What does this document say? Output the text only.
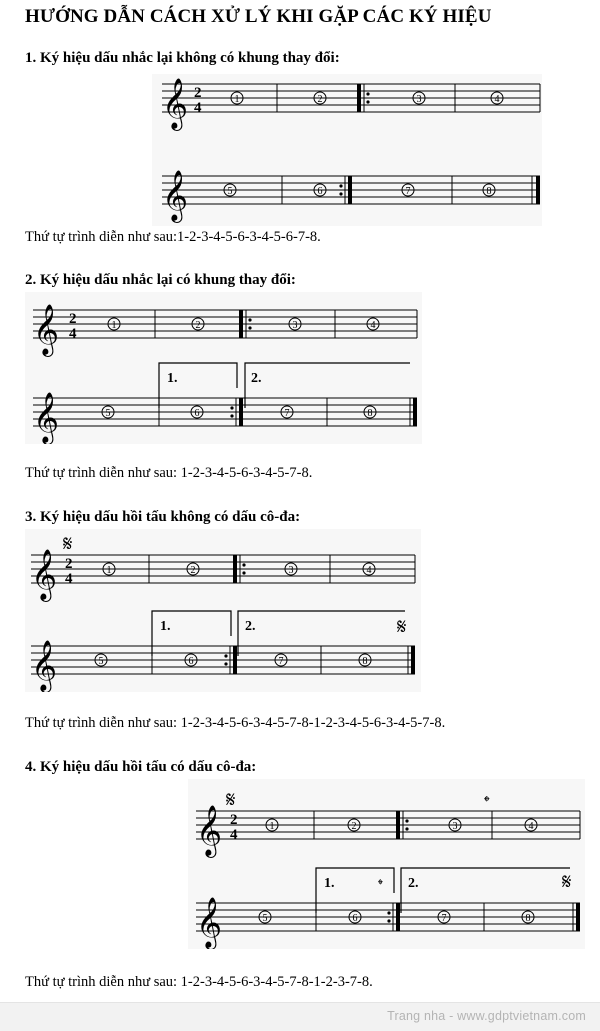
HƯỚNG DẪN CÁCH XỬ LÝ KHI GẶP CÁC KÝ HIỆU
1. Ký hiệu dấu nhắc lại không có khung thay đổi:
𝄞 2
4
1	2	3	4
𝄞	5	6	7	8
Thứ tự trình diễn như sau:1-2-3-4-5-6-3-4-5-6-7-8.
2. Ký hiệu dấu nhắc lại có khung thay đổi:
𝄞 2
4
1	2	3	4
1.	2.
𝄞	5	6	7	8
Thứ tự trình diễn như sau: 1-2-3-4-5-6-3-4-5-7-8.
3. Ký hiệu dấu hồi tấu không có dấu cô-đa:
𝄋
𝄞 2
4
1	2	3	4
1.	2.	𝄋
𝄞	5	6	7	8
Thứ tự trình diễn như sau: 1-2-3-4-5-6-3-4-5-7-8-1-2-3-4-5-6-3-4-5-7-8.
4. Ký hiệu dấu hồi tấu có dấu cô-đa:
𝄋	𝄌
𝄞 2
4
1	2	3	4
1.	𝄌 2.	𝄋
𝄞	5	6	7	8
Thứ tự trình diễn như sau: 1-2-3-4-5-6-3-4-5-7-8-1-2-3-7-8.
Trang nha - www.gdptvietnam.com
